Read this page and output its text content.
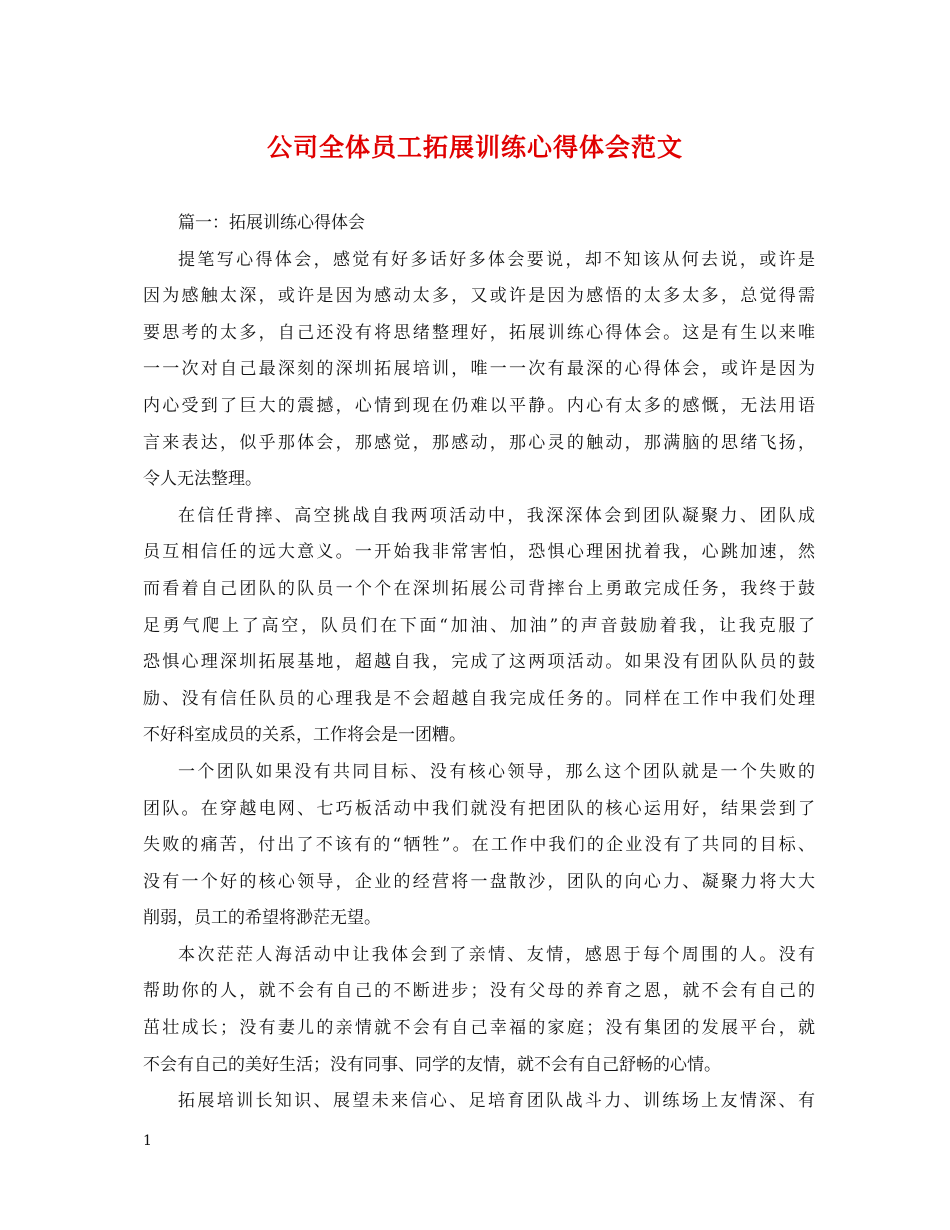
公司全体员工拓展训练心得体会范文
篇一：拓展训练心得体会
提笔写心得体会，感觉有好多话好多体会要说，却不知该从何去说，或许是
因为感触太深，或许是因为感动太多，又或许是因为感悟的太多太多，总觉得需
要思考的太多，自己还没有将思绪整理好，拓展训练心得体会。这是有生以来唯
一一次对自己最深刻的深圳拓展培训，唯一一次有最深的心得体会，或许是因为
内心受到了巨大的震撼，心情到现在仍难以平静。内心有太多的感慨，无法用语
言来表达，似乎那体会，那感觉，那感动，那心灵的触动，那满脑的思绪飞扬，
令人无法整理。
在信任背摔、高空挑战自我两项活动中，我深深体会到团队凝聚力、团队成
员互相信任的远大意义。一开始我非常害怕，恐惧心理困扰着我，心跳加速，然
而看着自己团队的队员一个个在深圳拓展公司背摔台上勇敢完成任务，我终于鼓
足勇气爬上了高空，队员们在下面“加油、加油”的声音鼓励着我，让我克服了
恐惧心理深圳拓展基地，超越自我，完成了这两项活动。如果没有团队队员的鼓
励、没有信任队员的心理我是不会超越自我完成任务的。同样在工作中我们处理
不好科室成员的关系，工作将会是一团糟。
一个团队如果没有共同目标、没有核心领导，那么这个团队就是一个失败的
团队。在穿越电网、七巧板活动中我们就没有把团队的核心运用好，结果尝到了
失败的痛苦，付出了不该有的“牺牲”。在工作中我们的企业没有了共同的目标、
没有一个好的核心领导，企业的经营将一盘散沙，团队的向心力、凝聚力将大大
削弱，员工的希望将渺茫无望。
本次茫茫人海活动中让我体会到了亲情、友情，感恩于每个周围的人。没有
帮助你的人，就不会有自己的不断进步；没有父母的养育之恩，就不会有自己的
茁壮成长；没有妻儿的亲情就不会有自己幸福的家庭；没有集团的发展平台，就
不会有自己的美好生活；没有同事、同学的友情，就不会有自己舒畅的心情。
拓展培训长知识、展望未来信心、足培育团队战斗力、训练场上友情深、有
1
